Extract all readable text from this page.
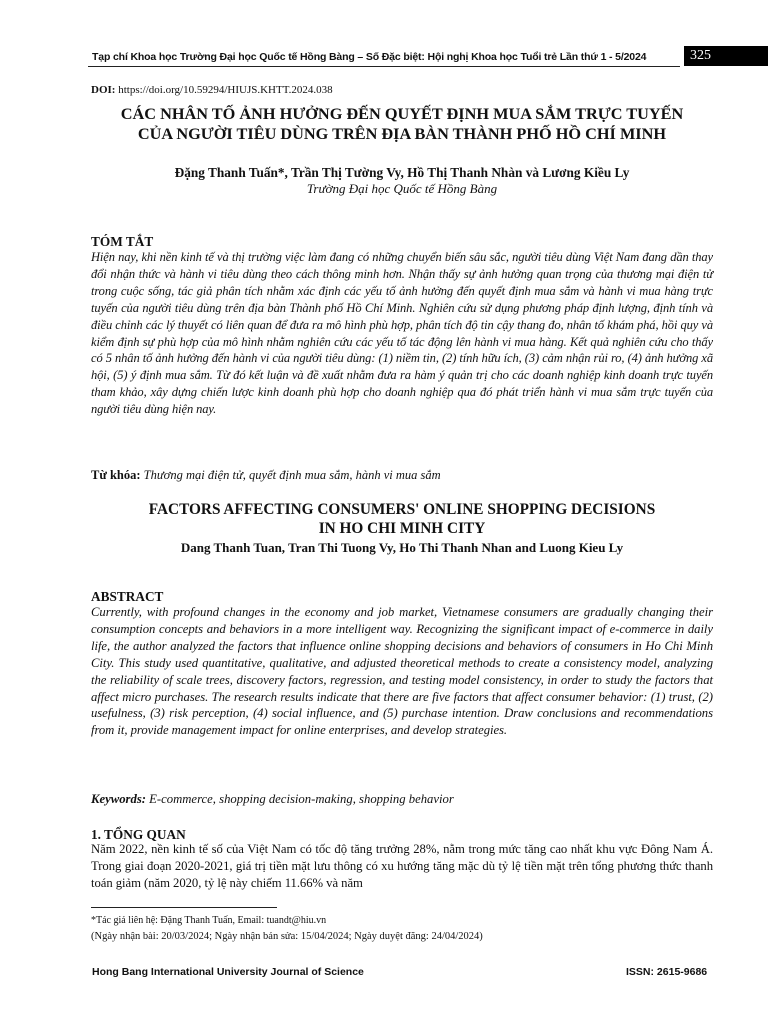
Tạp chí Khoa học Trường Đại học Quốc tế Hồng Bàng – Số Đặc biệt: Hội nghị Khoa học Tuổi trẻ Lần thứ 1 - 5/2024	325
DOI: https://doi.org/10.59294/HIUJS.KHTT.2024.038
CÁC NHÂN TỐ ẢNH HƯỞNG ĐẾN QUYẾT ĐỊNH MUA SẮM TRỰC TUYẾN
CỦA NGƯỜI TIÊU DÙNG TRÊN ĐỊA BÀN THÀNH PHỐ HỒ CHÍ MINH
Đặng Thanh Tuấn*, Trần Thị Tường Vy, Hồ Thị Thanh Nhàn và Lương Kiều Ly
Trường Đại học Quốc tế Hồng Bàng
TÓM TẮT
Hiện nay, khi nền kinh tế và thị trường việc làm đang có những chuyển biến sâu sắc, người tiêu dùng Việt Nam đang dần thay đổi nhận thức và hành vi tiêu dùng theo cách thông minh hơn. Nhận thấy sự ảnh hưởng quan trọng của thương mại điện tử trong cuộc sống, tác giả phân tích nhằm xác định các yếu tố ảnh hưởng đến quyết định mua sắm và hành vi mua hàng trực tuyến của người tiêu dùng trên địa bàn Thành phố Hồ Chí Minh. Nghiên cứu sử dụng phương pháp định lượng, định tính và điều chỉnh các lý thuyết có liên quan để đưa ra mô hình phù hợp, phân tích độ tin cậy thang đo, nhân tố khám phá, hồi quy và kiểm định sự phù hợp của mô hình nhằm nghiên cứu các yếu tố tác động lên hành vi mua hàng. Kết quả nghiên cứu cho thấy có 5 nhân tố ảnh hưởng đến hành vi của người tiêu dùng: (1) niềm tin, (2) tính hữu ích, (3) cảm nhận rủi ro, (4) ảnh hưởng xã hội, (5) ý định mua sắm. Từ đó kết luận và đề xuất nhằm đưa ra hàm ý quản trị cho các doanh nghiệp kinh doanh trực tuyến tham khảo, xây dựng chiến lược kinh doanh phù hợp cho doanh nghiệp qua đó phát triển hành vi mua sắm trực tuyến của người tiêu dùng hiện nay.
Từ khóa: Thương mại điện tử, quyết định mua sắm, hành vi mua sắm
FACTORS AFFECTING CONSUMERS' ONLINE SHOPPING DECISIONS
IN HO CHI MINH CITY
Dang Thanh Tuan, Tran Thi Tuong Vy, Ho Thi Thanh Nhan and Luong Kieu Ly
ABSTRACT
Currently, with profound changes in the economy and job market, Vietnamese consumers are gradually changing their consumption concepts and behaviors in a more intelligent way. Recognizing the significant impact of e-commerce in daily life, the author analyzed the factors that influence online shopping decisions and behaviors of consumers in Ho Chi Minh City. This study used quantitative, qualitative, and adjusted theoretical methods to create a consistency model, analyzing the reliability of scale trees, discovery factors, regression, and testing model consistency, in order to study the factors that affect micro purchases. The research results indicate that there are five factors that affect consumer behavior: (1) trust, (2) usefulness, (3) risk perception, (4) social influence, and (5) purchase intention. Draw conclusions and recommendations from it, provide management impact for online enterprises, and develop strategies.
Keywords: E-commerce, shopping decision-making, shopping behavior
1. TỔNG QUAN
Năm 2022, nền kinh tế số của Việt Nam có tốc độ tăng trưởng 28%, nằm trong mức tăng cao nhất khu vực Đông Nam Á. Trong giai đoạn 2020-2021, giá trị tiền mặt lưu thông có xu hướng tăng mặc dù tỷ lệ tiền mặt trên tổng phương thức thanh toán giảm (năm 2020, tỷ lệ này chiếm 11.66% và năm
*Tác giả liên hệ: Đặng Thanh Tuấn, Email: tuandt@hiu.vn
(Ngày nhận bài: 20/03/2024; Ngày nhận bản sửa: 15/04/2024; Ngày duyệt đăng: 24/04/2024)
Hong Bang International University Journal of Science	ISSN: 2615-9686
